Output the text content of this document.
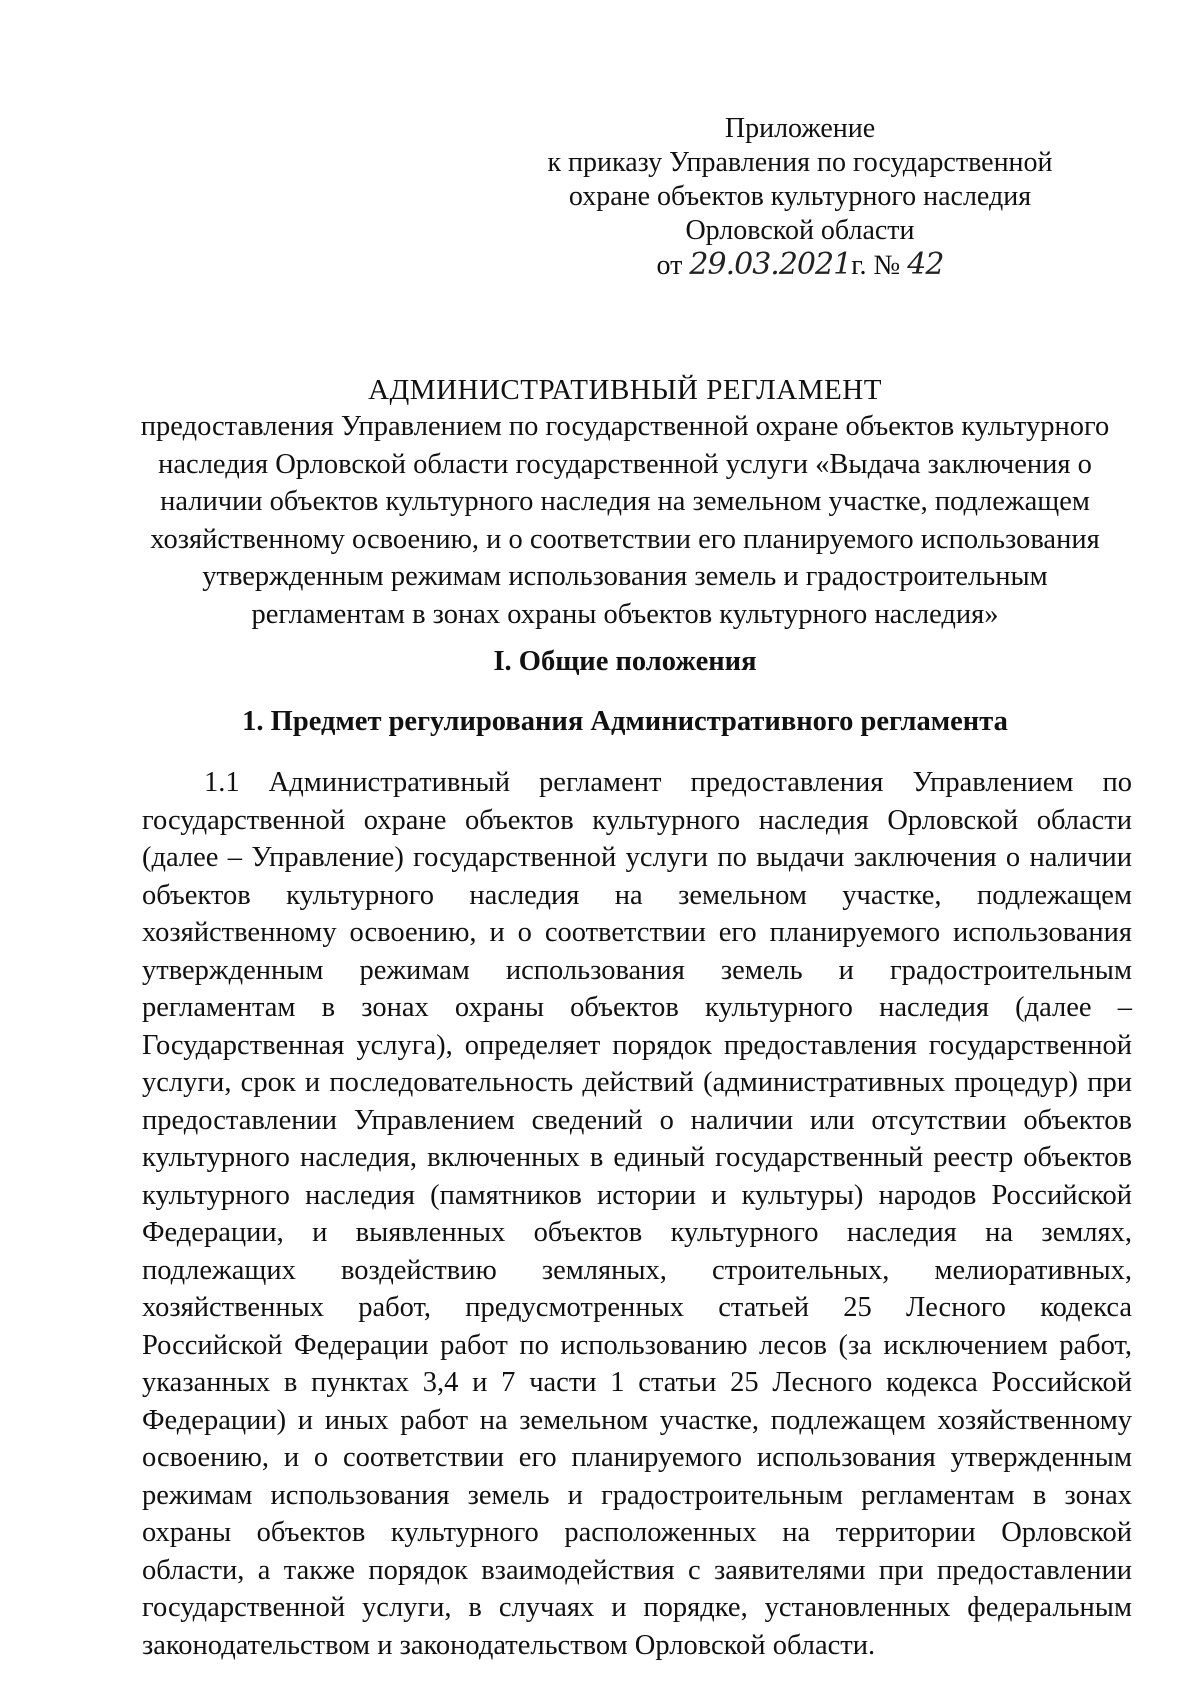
Приложение
к приказу Управления по государственной
охране объектов культурного наследия
Орловской области
от 29.03.2021г. № 42
АДМИНИСТРАТИВНЫЙ РЕГЛАМЕНТ
предоставления Управлением по государственной охране объектов культурного
наследия Орловской области государственной услуги «Выдача заключения о
наличии объектов культурного наследия на земельном участке, подлежащем
хозяйственному освоению, и о соответствии его планируемого использования
утвержденным режимам использования земель и градостроительным
регламентам в зонах охраны объектов культурного наследия»
I. Общие положения
1. Предмет регулирования Административного регламента
1.1 Административный регламент предоставления Управлением по
государственной охране объектов культурного наследия Орловской области
(далее – Управление) государственной услуги по выдачи заключения о наличии
объектов культурного наследия на земельном участке, подлежащем
хозяйственному освоению, и о соответствии его планируемого использования
утвержденным режимам использования земель и градостроительным
регламентам в зонах охраны объектов культурного наследия (далее –
Государственная услуга), определяет порядок предоставления государственной
услуги, срок и последовательность действий (административных процедур) при
предоставлении Управлением сведений о наличии или отсутствии объектов
культурного наследия, включенных в единый государственный реестр объектов
культурного наследия (памятников истории и культуры) народов Российской
Федерации, и выявленных объектов культурного наследия на землях,
подлежащих воздействию земляных, строительных, мелиоративных,
хозяйственных работ, предусмотренных статьей 25 Лесного кодекса
Российской Федерации работ по использованию лесов (за исключением работ,
указанных в пунктах 3,4 и 7 части 1 статьи 25 Лесного кодекса Российской
Федерации) и иных работ на земельном участке, подлежащем хозяйственному
освоению, и о соответствии его планируемого использования утвержденным
режимам использования земель и градостроительным регламентам в зонах
охраны объектов культурного расположенных на территории Орловской
области, а также порядок взаимодействия с заявителями при предоставлении
государственной услуги, в случаях и порядке, установленных федеральным
законодательством и законодательством Орловской области.
